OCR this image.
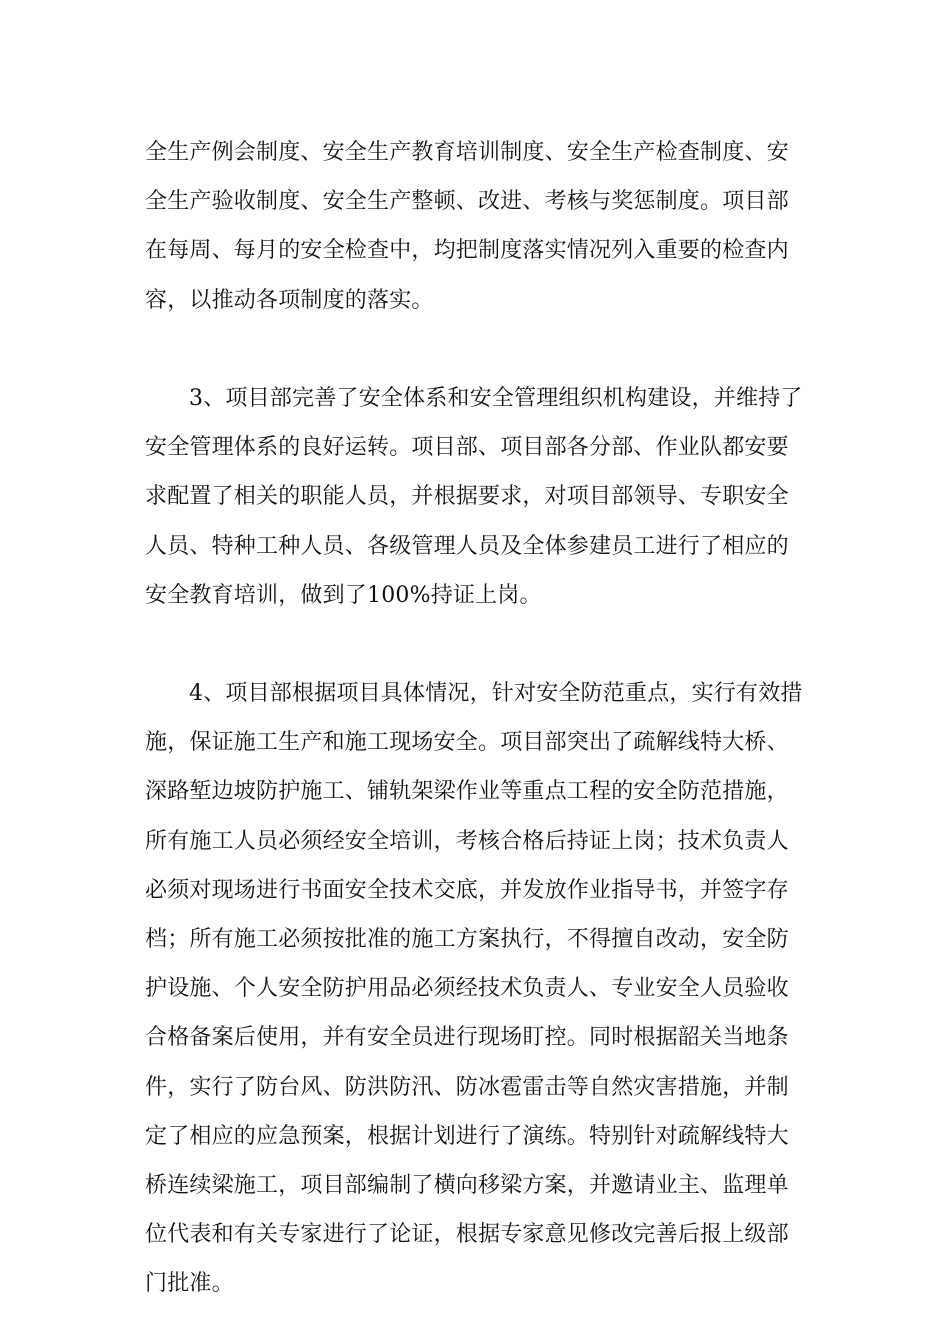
全生产例会制度、安全生产教育培训制度、安全生产检查制度、安
全生产验收制度、安全生产整顿、改进、考核与奖惩制度。项目部
在每周、每月的安全检查中，均把制度落实情况列入重要的检查内
容，以推动各项制度的落实。
3、项目部完善了安全体系和安全管理组织机构建设，并维持了
安全管理体系的良好运转。项目部、项目部各分部、作业队都安要
求配置了相关的职能人员，并根据要求，对项目部领导、专职安全
人员、特种工种人员、各级管理人员及全体参建员工进行了相应的
安全教育培训，做到了100%持证上岗。
4、项目部根据项目具体情况，针对安全防范重点，实行有效措
施，保证施工生产和施工现场安全。项目部突出了疏解线特大桥、
深路堑边坡防护施工、铺轨架梁作业等重点工程的安全防范措施，
所有施工人员必须经安全培训，考核合格后持证上岗；技术负责人
必须对现场进行书面安全技术交底，并发放作业指导书，并签字存
档；所有施工必须按批准的施工方案执行，不得擅自改动，安全防
护设施、个人安全防护用品必须经技术负责人、专业安全人员验收
合格备案后使用，并有安全员进行现场盯控。同时根据韶关当地条
件，实行了防台风、防洪防汛、防冰雹雷击等自然灾害措施，并制
定了相应的应急预案，根据计划进行了演练。特别针对疏解线特大
桥连续梁施工，项目部编制了横向移梁方案，并邀请业主、监理单
位代表和有关专家进行了论证，根据专家意见修改完善后报上级部
门批准。
